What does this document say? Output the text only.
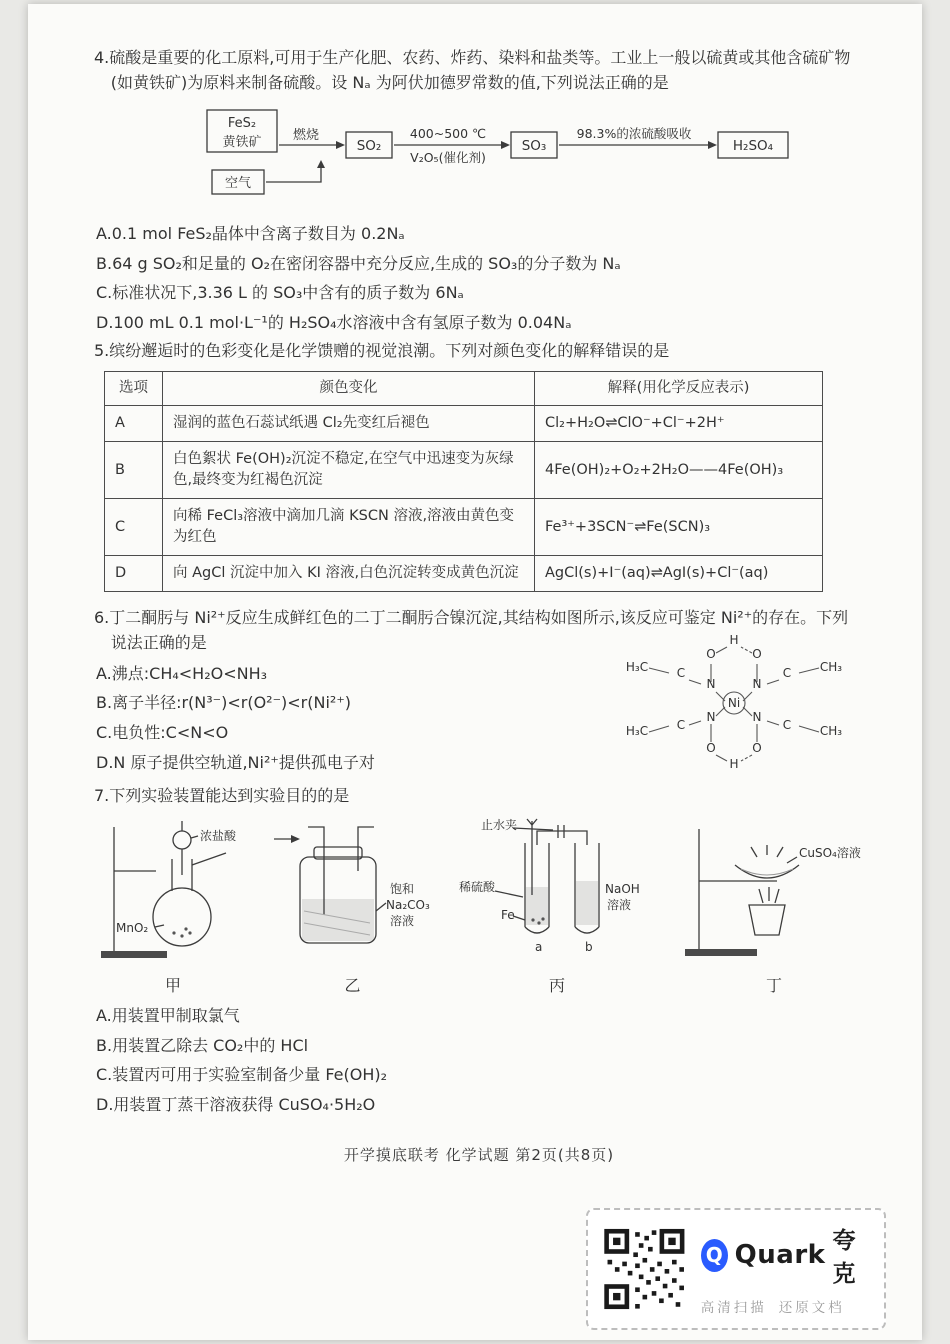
4.硫酸是重要的化工原料,可用于生产化肥、农药、炸药、染料和盐类等。工业上一般以硫黄或其他含硫矿物(如黄铁矿)为原料来制备硫酸。设 Nₐ 为阿伏加德罗常数的值,下列说法正确的是
FeS₂
黄铁矿
空气
燃烧
SO₂
400~500 ℃
V₂O₅(催化剂)
SO₃
98.3%的浓硫酸吸收
H₂SO₄
A.0.1 mol FeS₂晶体中含离子数目为 0.2Nₐ
B.64 g SO₂和足量的 O₂在密闭容器中充分反应,生成的 SO₃的分子数为 Nₐ
C.标准状况下,3.36 L 的 SO₃中含有的质子数为 6Nₐ
D.100 mL 0.1 mol·L⁻¹的 H₂SO₄水溶液中含有氢原子数为 0.04Nₐ
5.缤纷邂逅时的色彩变化是化学馈赠的视觉浪潮。下列对颜色变化的解释错误的是
选项	颜色变化	解释(用化学反应表示)
A	湿润的蓝色石蕊试纸遇 Cl₂先变红后褪色	Cl₂+H₂O⇌ClO⁻+Cl⁻+2H⁺
B	白色絮状 Fe(OH)₂沉淀不稳定,在空气中迅速变为灰绿色,最终变为红褐色沉淀	4Fe(OH)₂+O₂+2H₂O——4Fe(OH)₃
C	向稀 FeCl₃溶液中滴加几滴 KSCN 溶液,溶液由黄色变为红色	Fe³⁺+3SCN⁻⇌Fe(SCN)₃
D	向 AgCl 沉淀中加入 KI 溶液,白色沉淀转变成黄色沉淀	AgCl(s)+I⁻(aq)⇌AgI(s)+Cl⁻(aq)
6.丁二酮肟与 Ni²⁺反应生成鲜红色的二丁二酮肟合镍沉淀,其结构如图所示,该反应可鉴定 Ni²⁺的存在。下列说法正确的是
A.沸点:CH₄<H₂O<NH₃
B.离子半径:r(N³⁻)<r(O²⁻)<r(Ni²⁺)
C.电负性:C<N<O
D.N 原子提供空轨道,Ni²⁺提供孤电子对
H₃C
H₃C
CH₃
CH₃
C
C
C
C
N
N
N
N
Ni
O	O
O	O
H
H
7.下列实验装置能达到实验目的的是
浓盐酸
MnO₂
甲
饱和
Na₂CO₃
溶液
乙
止水夹
稀硫酸
Fe
a	b
NaOH
溶液
丙
CuSO₄溶液
丁
A.用装置甲制取氯气
B.用装置乙除去 CO₂中的 HCl
C.装置丙可用于实验室制备少量 Fe(OH)₂
D.用装置丁蒸干溶液获得 CuSO₄·5H₂O
开学摸底联考 化学试题 第2页(共8页)
Q Quark 夸克
高清扫描 还原文档
